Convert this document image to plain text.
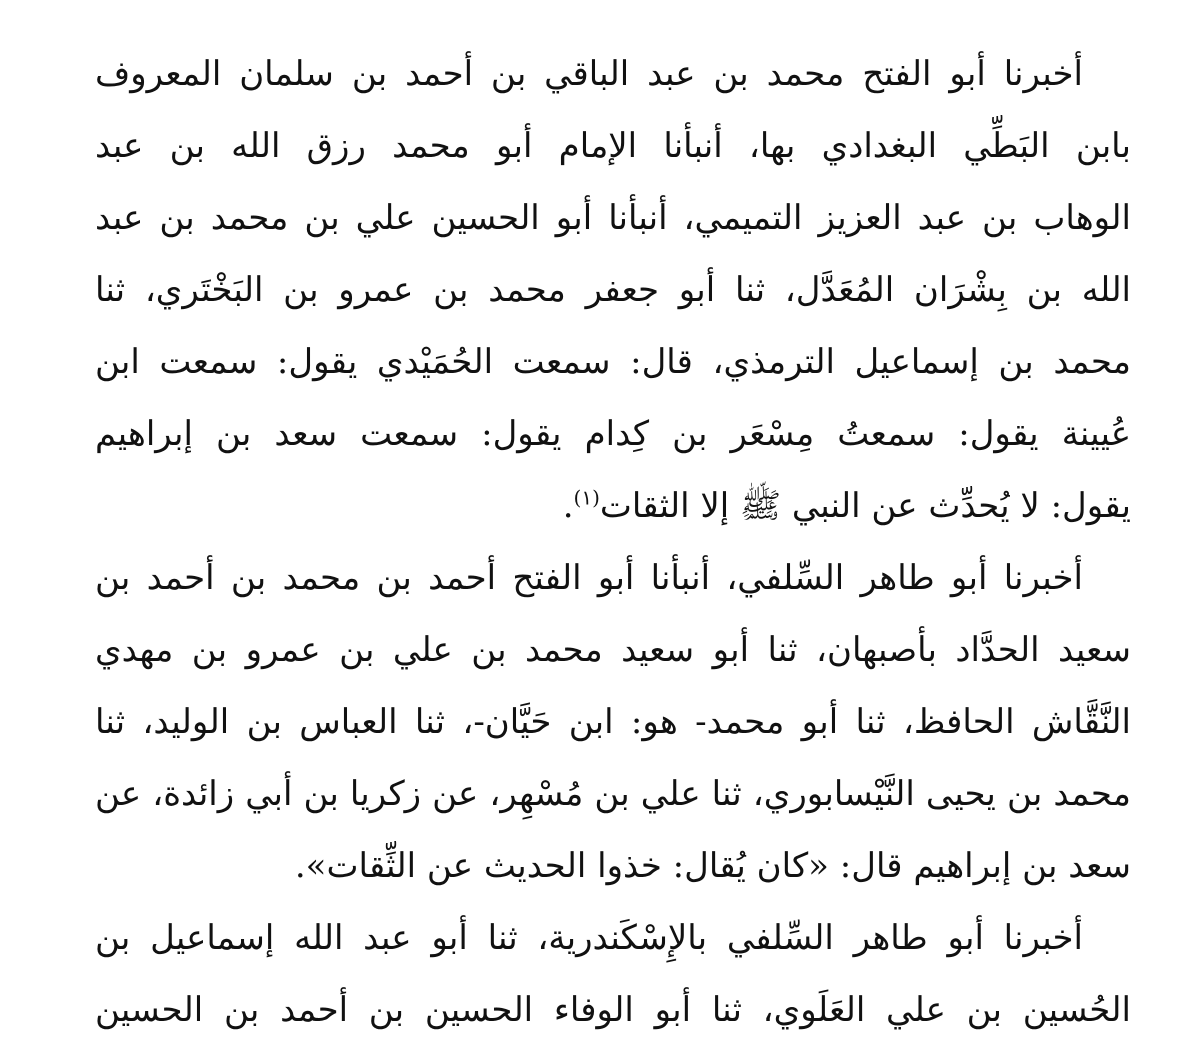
أخبرنا أبو الفتح محمد بن عبد الباقي بن أحمد بن سلمان المعروف
بابن البَطِّي البغدادي بها، أنبأنا الإمام أبو محمد رزق الله بن عبد
الوهاب بن عبد العزيز التميمي، أنبأنا أبو الحسين علي بن محمد بن عبد
الله بن بِشْرَان المُعَدَّل، ثنا أبو جعفر محمد بن عمرو بن البَخْتَري، ثنا
محمد بن إسماعيل الترمذي، قال: سمعت الحُمَيْدي يقول: سمعت ابن
عُيينة يقول: سمعتُ مِسْعَر بن كِدام يقول: سمعت سعد بن إبراهيم
يقول: لا يُحدِّث عن النبي ﷺ إلا الثقات$^{(١)}$.
أخبرنا أبو طاهر السِّلفي، أنبأنا أبو الفتح أحمد بن محمد بن أحمد بن
سعيد الحدَّاد بأصبهان، ثنا أبو سعيد محمد بن علي بن عمرو بن مهدي
النَّقَّاش الحافظ، ثنا أبو محمد- هو: ابن حَيَّان-، ثنا العباس بن الوليد، ثنا
محمد بن يحيى النَّيْسابوري، ثنا علي بن مُسْهِر، عن زكريا بن أبي زائدة، عن
سعد بن إبراهيم قال: «كان يُقال: خذوا الحديث عن الثِّقات».
أخبرنا أبو طاهر السِّلفي بالإِسْكَندرية، ثنا أبو عبد الله إسماعيل بن
الحُسين بن علي العَلَوي، ثنا أبو الوفاء الحسين بن أحمد بن الحسين
